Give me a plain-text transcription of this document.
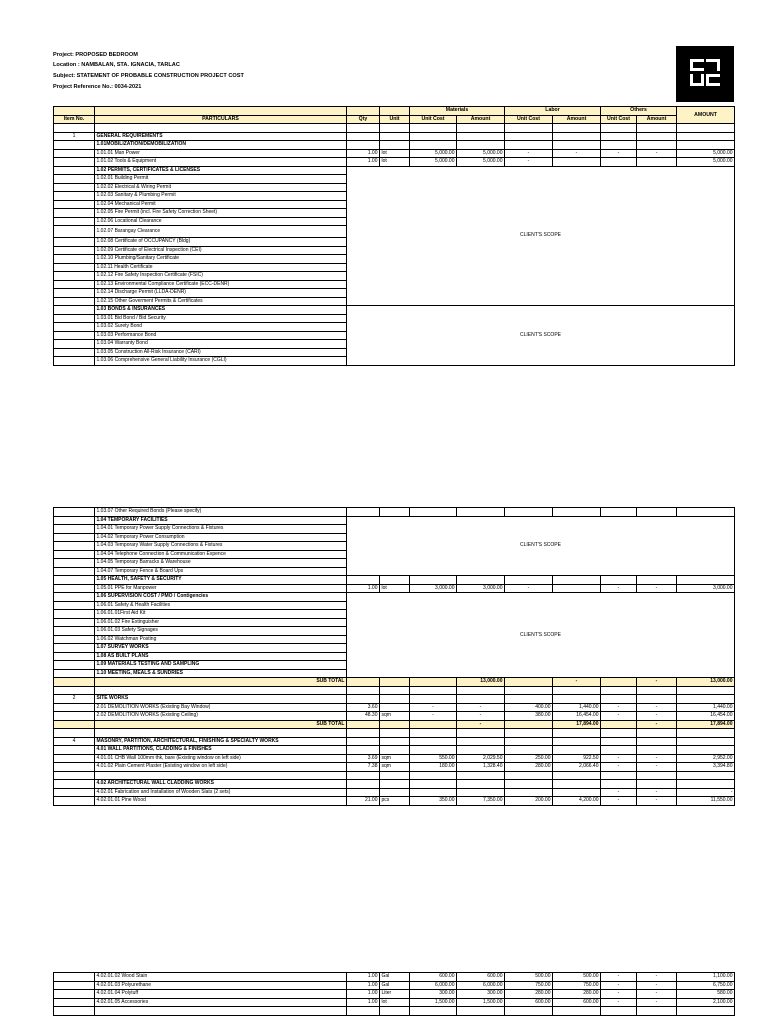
Project: PROPOSED BEDROOM
Location : NAMBALAN, STA. IGNACIA, TARLAC
Subject: STATEMENT OF PROBABLE CONSTRUCTION PROJECT COST
Project Reference No.: 0034-2021
				Materials		Labor		Others		AMOUNT
Item No.	PARTICULARS	Qty	Unit	Unit Cost	Amount	Unit Cost	Amount	Unit Cost	Amount	

1	GENERAL REQUIREMENTS									
	1.01MOBILIZATION/DEMOBILIZATION									
	1.01.01 Man Power	1.00	lot	5,000.00	5,000.00	-	-	-	-	5,000.00
	1.01.02 Tools & Equipment	1.00	lot	5,000.00	5,000.00	-				5,000.00
	1.02 PERMITS, CERTIFICATES & LICENSES	CLIENT'S SCOPE								
	1.02.01 Building Permit									
	1.02.02 Electrical & Wiring Permit									
	1.02.03 Sanitary & Plumbing Permit									
	1.02.04 Mechanical Permit									
	1.02.05 Fire Permit (incl. Fire Safety Correction Sheet)									
	1.02.06 Locational Clearance									
	1.02.07 Barangay Clearance									
	1.02.08 Certificate of OCCUPANCY (Bldg)									
	1.02.09 Certificate of Electrical Inspection (CEI)									
	1.02.10 Plumbing/Sanitary Certificate									
	1.02.11 Health Certificate									
	1.02.12 Fire Safety Inspection Certificate (FSIC)									
	1.02.13 Environmental Compliance Certificate (ECC-DENR)									
	1.02.14 Discharge Permit (LLDA-DENR)									
	1.02.15 Other Goverment Permits & Certificates									
	1.03 BONDS & INSURANCES	CLIENT'S SCOPE								
	1.03.01 Bid Bond / Bid Security									
	1.03.02 Surety Bond									
	1.03.03 Performance Bond									
	1.03.04 Warranty Bond									
	1.03.05 Construction All-Risk Insurance (CARI)									
	1.03.06 Comprehensive General Liability Insurance (CGLI)									
	1.03.07 Other Required Bonds (Please specify)									
	1.04 TEMPORARY FACILITIES	CLIENT'S SCOPE								
	1.04.01 Temporary Power Supply Connections & Fixtures									
	1.04.02 Temporary Power Consumption									
	1.04.03 Temporary Water Supply Connections & Fixtures									
	1.04.04 Telephone Connection & Communication Expence									
	1.04.05 Temporary Barracks & Warehouse									
	1.04.07 Temporary Fence & Board Ups									
	1.05 HEALTH, SAFETY & SECURITY									
	1.05.01 PPE for Manpower	1.00	lot	3,000.00	3,000.00	-		-	-	3,000.00
	1.06 SUPERVISION COST / PMO / Contigencies	CLIENT'S SCOPE								
	1.06.01 Safety & Health Facilities									
	1.06.01.01First Aid Kit									
	1.06.01.02 Fire Extinguisher									
	1.06.01.03 Safety Signages									
	1.06.02 Watchman Posting									
	1.07 SURVEY WORKS									
	1.08 AS BUILT PLANS									
	1.09 MATERIALS TESTING AND SAMPLING									
	1.10 MEETING, MEALS & SUNDRIES									
	SUB TOTAL				13,000.00		-		-	13,000.00

2	SITE WORKS									
	2.01 DEMOLITION WORKS (Existing Bay Window)	3.60		-	-	400.00	1,440.00	-	-	1,440.00
	2.02 DEMOLITION WORKS (Existing Ceiling)	48.30	sqm	-	-	380.00	16,454.00	-	-	16,454.00
	SUB TOTAL				-		17,894.00		-	17,894.00

4	MASONRY, PARTITION, ARCHITECTURAL, FINISHING & SPECIALTY WORKS									
	4.01 WALL PARTITIONS, CLADDING & FINISHES									
	4.01.01 CHB Wall 100mm thk, bare (Existing window on left side)	3.69	sqm	550.00	2,029.50	250.00	922.50	-	-	2,952.00
	4.01.02 Plain Cement Plaster (Existing window on left side)	7.38	sqm	180.00	1,328.40	280.00	2,066.40	-	-	3,394.80

	4.02 ARCHITECTURAL WALL CLADDING WORKS									
	4.02.01 Fabrication and Installation of Wooden Slats (2 sets)							-	-	-
	4.02.01.01 Pine Wood	21.00	pcs	350.00	7,350.00	200.00	4,200.00	-	-	11,550.00
	4.02.01.02 Wood Stain	1.00	Gal	600.00	600.00	500.00	500.00	-	-	1,100.00
	4.02.01.03 Polyurethane	1.00	Gal	6,000.00	6,000.00	750.00	750.00	-	-	6,750.00
	4.02.01.04 Polytuff	1.00	Liter	300.00	300.00	280.00	280.00	-	-	580.00
	4.02.01.05 Accessories	1.00	lot	1,500.00	1,500.00	600.00	600.00	-	-	2,100.00
